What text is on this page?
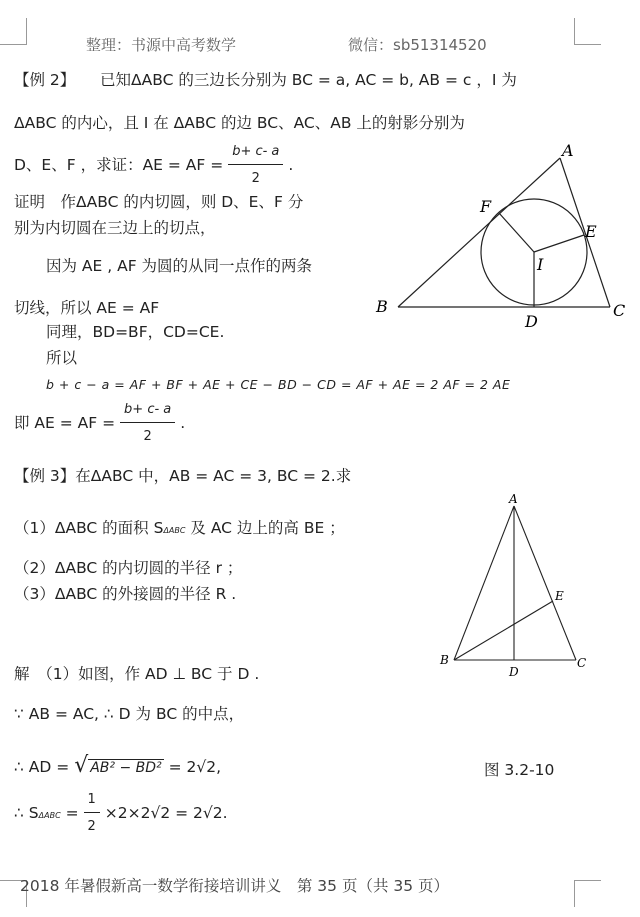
整理：书源中高考数学	微信：sb51314520
【例 2】 已知ΔABC 的三边长分别为 BC = a, AC = b, AB = c ，I 为
ΔABC 的内心，且 I 在 ΔABC 的边 BC、AC、AB 上的射影分别为
D、E、F ，求证：AE = AF = $\frac{b+ c- a}{2}$ .
证明　作ΔABC 的内切圆，则 D、E、F 分
别为内切圆在三边上的切点，
因为 AE , AF 为圆的从同一点作的两条
切线，所以 AE = AF
同理，BD=BF，CD=CE.
所以
b + c − a = AF + BF + AE + CE − BD − CD = AF + AE = 2 AF = 2 AE
即 AE = AF = $\frac{b+ c- a}{2}$ .
A
B	C
D
E
F
I
【例 3】在ΔABC 中，AB = AC = 3, BC = 2.求
（1）ΔABC 的面积 SΔABC 及 AC 边上的高 BE ；
（2）ΔABC 的内切圆的半径 r ；
（3）ΔABC 的外接圆的半径 R .
解　（1）如图，作 AD ⊥ BC 于 D .
∵ AB = AC, ∴ D 为 BC 的中点，
∴ AD = √ AB² − BD² = 2√2,
∴ $S\Delta ABC = \frac{1}{2} \times 2\times 2√2 = 2√2$.
A
B	C
D
E
图 3.2-10
2018 年暑假新高一数学衔接培训讲义　第 35 页（共 35 页）
